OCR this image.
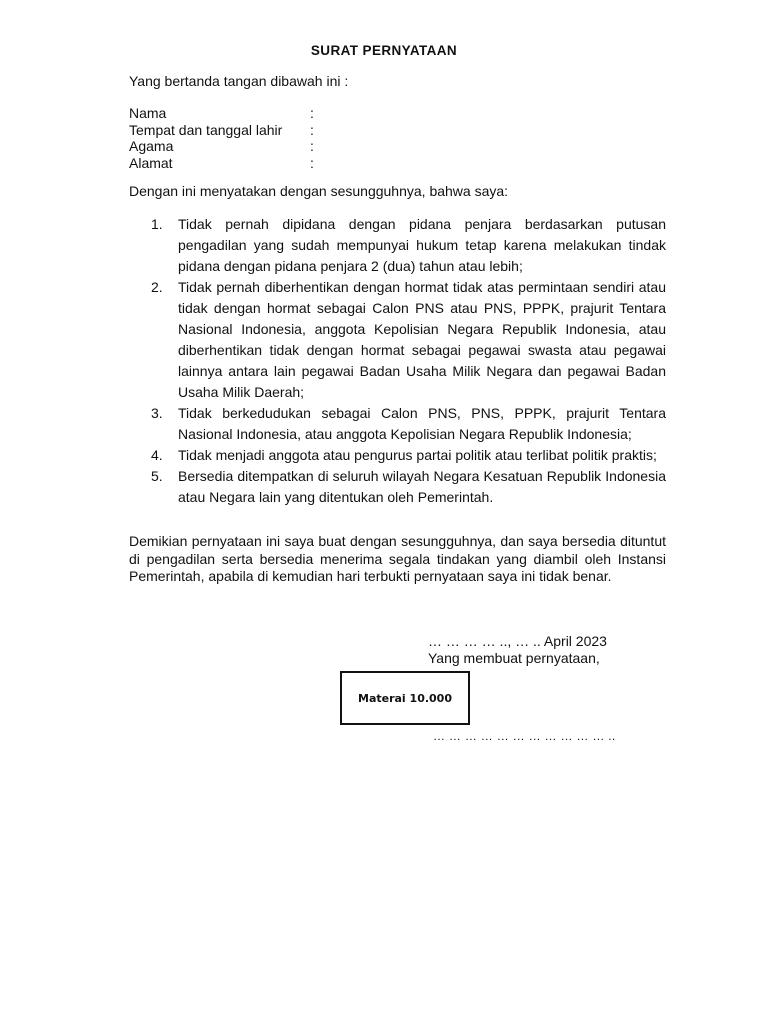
SURAT PERNYATAAN
Yang bertanda tangan dibawah ini :
Nama	:
Tempat dan tanggal lahir :
Agama	:
Alamat	:
Dengan ini menyatakan dengan sesungguhnya, bahwa saya:
1. Tidak pernah dipidana dengan pidana penjara berdasarkan putusan pengadilan yang sudah mempunyai hukum tetap karena melakukan tindak pidana dengan pidana penjara 2 (dua) tahun atau lebih;
2. Tidak pernah diberhentikan dengan hormat tidak atas permintaan sendiri atau tidak dengan hormat sebagai Calon PNS atau PNS, PPPK, prajurit Tentara Nasional Indonesia, anggota Kepolisian Negara Republik Indonesia, atau diberhentikan tidak dengan hormat sebagai pegawai swasta atau pegawai lainnya antara lain pegawai Badan Usaha Milik Negara dan pegawai Badan Usaha Milik Daerah;
3. Tidak berkedudukan sebagai Calon PNS, PNS, PPPK, prajurit Tentara Nasional Indonesia, atau anggota Kepolisian Negara Republik Indonesia;
4. Tidak menjadi anggota atau pengurus partai politik atau terlibat politik praktis;
5. Bersedia ditempatkan di seluruh wilayah Negara Kesatuan Republik Indonesia atau Negara lain yang ditentukan oleh Pemerintah.
Demikian pernyataan ini saya buat dengan sesungguhnya, dan saya bersedia dituntut di pengadilan serta bersedia menerima segala tindakan yang diambil oleh Instansi Pemerintah, apabila di kemudian hari terbukti pernyataan saya ini tidak benar.
… … … … .., … .. April 2023
Yang membuat pernyataan,
Materai 10.000
… … … … … … … … … … … ..
